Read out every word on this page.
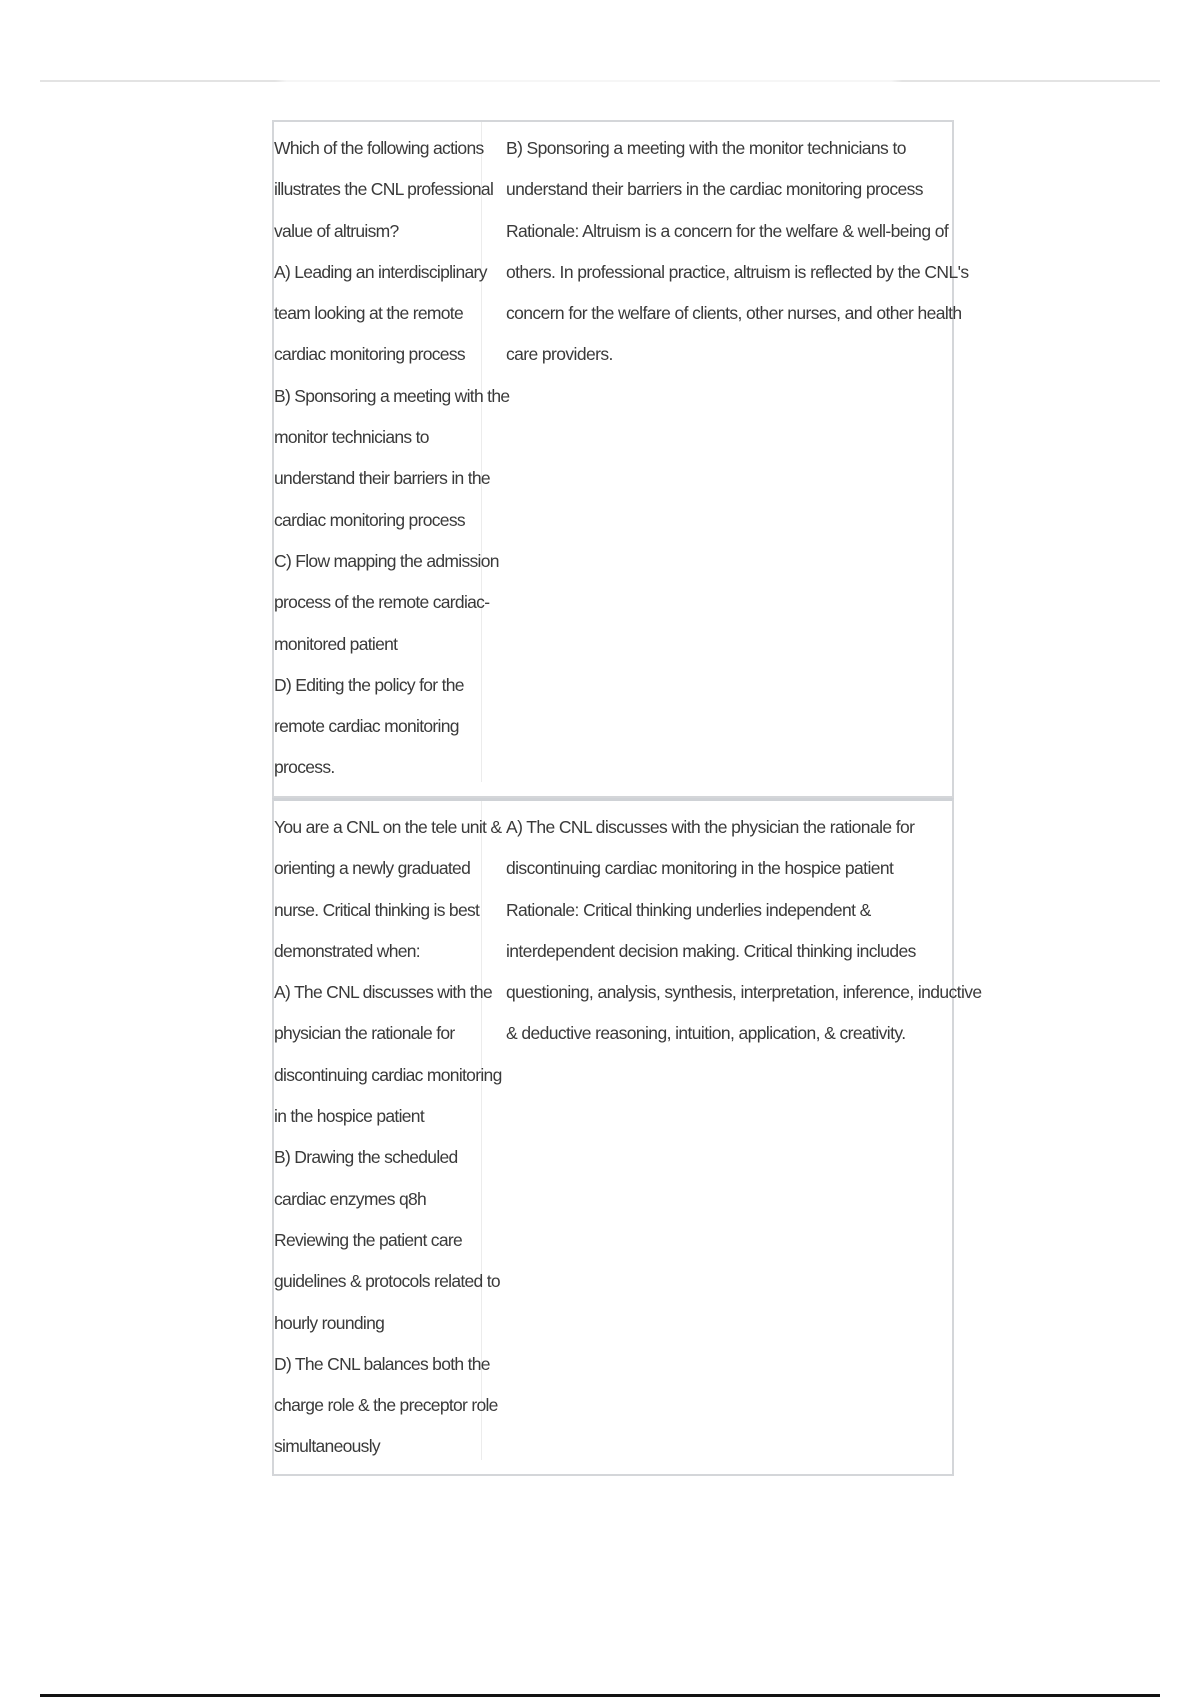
Which of the following actions
illustrates the CNL professional
value of altruism?
A) Leading an interdisciplinary
team looking at the remote
cardiac monitoring process
B) Sponsoring a meeting with the
monitor technicians to
understand their barriers in the
cardiac monitoring process
C) Flow mapping the admission
process of the remote cardiac-
monitored patient
D) Editing the policy for the
remote cardiac monitoring
process.
B) Sponsoring a meeting with the monitor technicians to
understand their barriers in the cardiac monitoring process
Rationale: Altruism is a concern for the welfare & well-being of
others. In professional practice, altruism is reflected by the CNL's
concern for the welfare of clients, other nurses, and other health
care providers.
You are a CNL on the tele unit &
orienting a newly graduated
nurse. Critical thinking is best
demonstrated when:
A) The CNL discusses with the
physician the rationale for
discontinuing cardiac monitoring
in the hospice patient
B) Drawing the scheduled
cardiac enzymes q8h
Reviewing the patient care
guidelines & protocols related to
hourly rounding
D) The CNL balances both the
charge role & the preceptor role
simultaneously
A) The CNL discusses with the physician the rationale for
discontinuing cardiac monitoring in the hospice patient
Rationale: Critical thinking underlies independent &
interdependent decision making. Critical thinking includes
questioning, analysis, synthesis, interpretation, inference, inductive
& deductive reasoning, intuition, application, & creativity.
